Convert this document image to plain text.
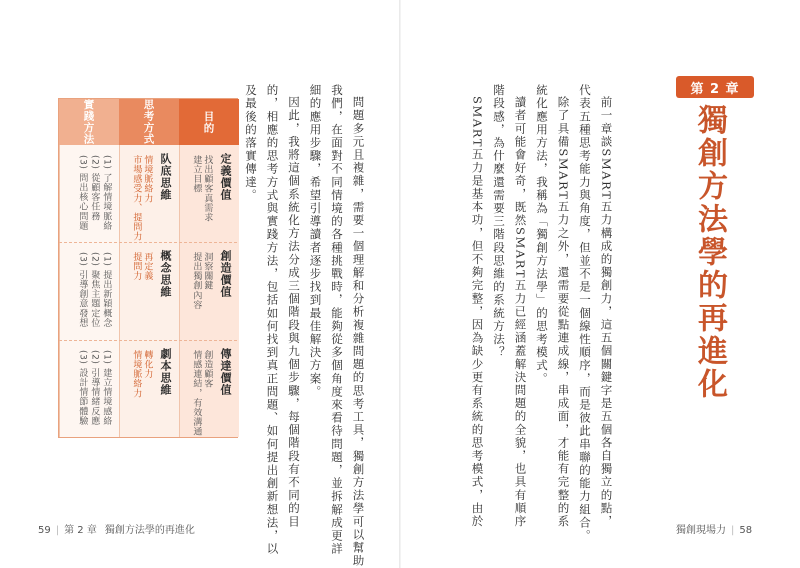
問題多元且複雜，需要一個理解和分析複雜問題的思考工具，獨創方法學可以幫助
我們，在面對不同情境的各種挑戰時，能夠從多個角度來看待問題，並拆解成更詳
細的應用步驟，希望引導讀者逐步找到最佳解決方案。
因此，我將這個系統化方法分成三個階段與九個步驟，每個階段有不同的目
的，相應的思考方式與實踐方法，包括如何找到真正問題、如何提出創新想法，以
及最後的落實傳達。
目的
思考方式
實踐方法
定義價值
找出顧客真需求
建立目標
队底思維
情境脈絡力
市場感受力、提問力
(1) 了解情境脈絡
(2) 從顧客任務
(3) 問出核心問題
創造價值
洞察關鍵
提出獨創內容
概念思維
再定義
提問力
(1) 提出新穎概念
(2) 聚焦主題定位
(3) 引導創意發想
傳達價值
創造顧客
情感連結，有效溝通
劇本思維
轉化力
情境脈絡力
(1) 建立情境感絡
(2) 引導情緒反應
(3) 設計情節體驗
59 | 第 2 章 獨創方法學的再進化
第 2 章
獨創方法學的再進化
前一章談SMART五力構成的獨創力，這五個關鍵字是五個各自獨立的點，
代表五種思考能力與角度，但並不是一個線性順序，而是彼此串聯的能力組合。
除了具備SMART五力之外，還需要從點連成線，串成面，才能有完整的系
統化應用方法，我稱為「獨創方法學」的思考模式。
讀者可能會好奇，既然SMART五力已經涵蓋解決問題的全貌，也具有順序
階段感，為什麼還需要三階段思維的系統方法？
SMART五力是基本功，但不夠完整，因為缺少更有系統的思考模式，由於
獨創現場力 | 58
